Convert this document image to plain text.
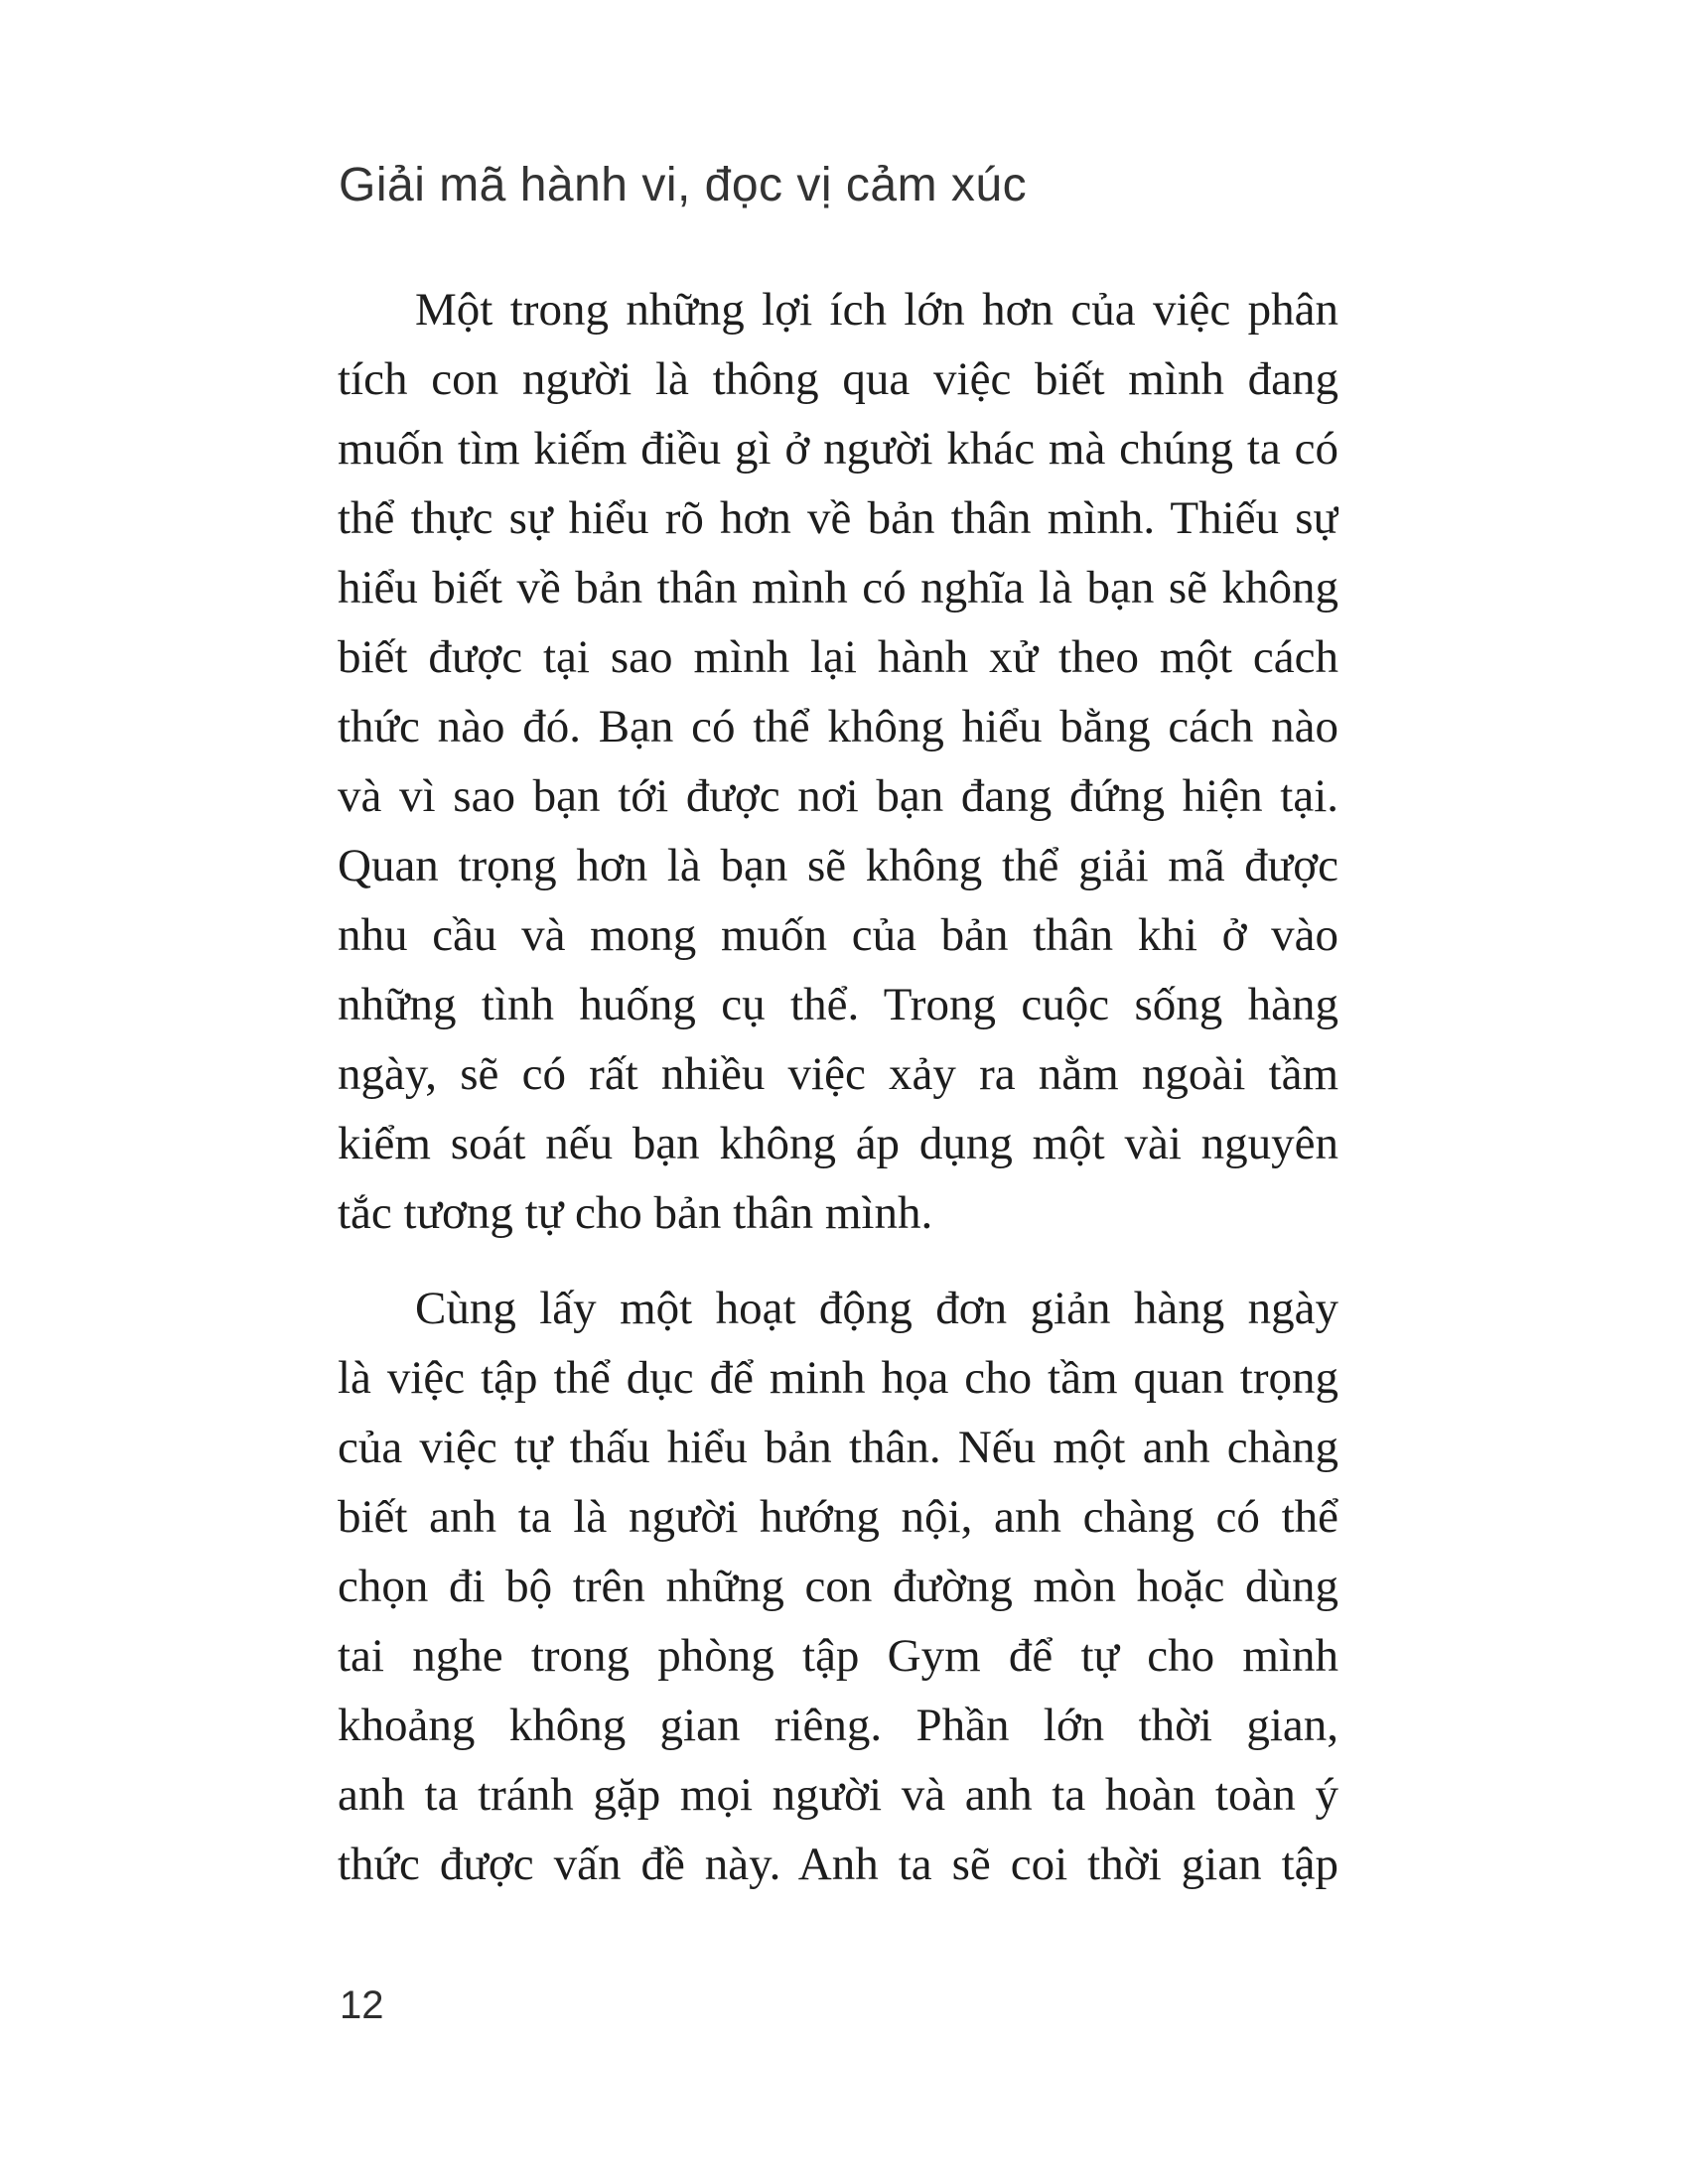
Giải mã hành vi, đọc vị cảm xúc
Một trong những lợi ích lớn hơn của việc phân
tích con người là thông qua việc biết mình đang
muốn tìm kiếm điều gì ở người khác mà chúng ta có
thể thực sự hiểu rõ hơn về bản thân mình. Thiếu sự
hiểu biết về bản thân mình có nghĩa là bạn sẽ không
biết được tại sao mình lại hành xử theo một cách
thức nào đó. Bạn có thể không hiểu bằng cách nào
và vì sao bạn tới được nơi bạn đang đứng hiện tại.
Quan trọng hơn là bạn sẽ không thể giải mã được
nhu cầu và mong muốn của bản thân khi ở vào
những tình huống cụ thể. Trong cuộc sống hàng
ngày, sẽ có rất nhiều việc xảy ra nằm ngoài tầm
kiểm soát nếu bạn không áp dụng một vài nguyên
tắc tương tự cho bản thân mình.
Cùng lấy một hoạt động đơn giản hàng ngày
là việc tập thể dục để minh họa cho tầm quan trọng
của việc tự thấu hiểu bản thân. Nếu một anh chàng
biết anh ta là người hướng nội, anh chàng có thể
chọn đi bộ trên những con đường mòn hoặc dùng
tai nghe trong phòng tập Gym để tự cho mình
khoảng không gian riêng. Phần lớn thời gian,
anh ta tránh gặp mọi người và anh ta hoàn toàn ý
thức được vấn đề này. Anh ta sẽ coi thời gian tập
12
